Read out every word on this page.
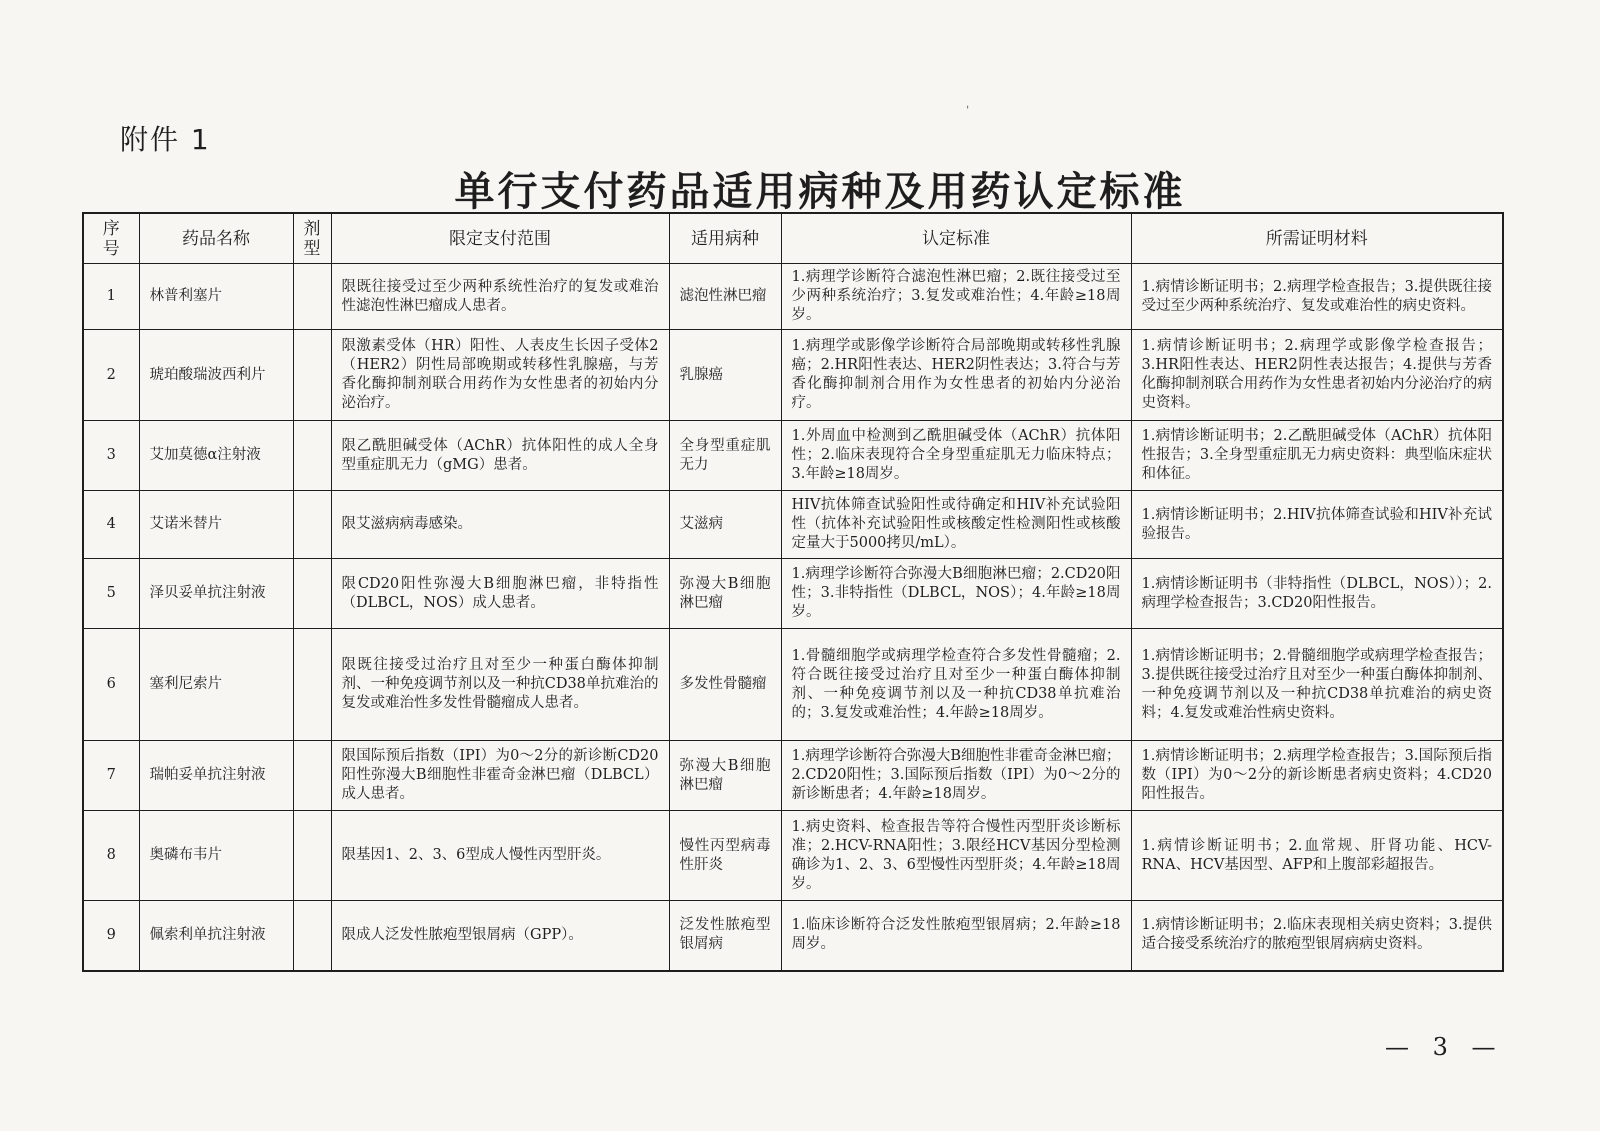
附件 1
单行支付药品适用病种及用药认定标准
ˌ
序号	药品名称	剂型	限定支付范围	适用病种	认定标准	所需证明材料
1	林普利塞片		限既往接受过至少两种系统性治疗的复发或难治性滤泡性淋巴瘤成人患者。	滤泡性淋巴瘤	1.病理学诊断符合滤泡性淋巴瘤；2.既往接受过至少两种系统治疗；3.复发或难治性；4.年龄≥18周岁。	1.病情诊断证明书；2.病理学检查报告；3.提供既往接受过至少两种系统治疗、复发或难治性的病史资料。
2	琥珀酸瑞波西利片		限激素受体（HR）阳性、人表皮生长因子受体2（HER2）阴性局部晚期或转移性乳腺癌，与芳香化酶抑制剂联合用药作为女性患者的初始内分泌治疗。	乳腺癌	1.病理学或影像学诊断符合局部晚期或转移性乳腺癌；2.HR阳性表达、HER2阴性表达；3.符合与芳香化酶抑制剂合用作为女性患者的初始内分泌治疗。	1.病情诊断证明书；2.病理学或影像学检查报告；3.HR阳性表达、HER2阴性表达报告；4.提供与芳香化酶抑制剂联合用药作为女性患者初始内分泌治疗的病史资料。
3	艾加莫德α注射液		限乙酰胆碱受体（AChR）抗体阳性的成人全身型重症肌无力（gMG）患者。	全身型重症肌无力	1.外周血中检测到乙酰胆碱受体（AChR）抗体阳性；2.临床表现符合全身型重症肌无力临床特点；3.年龄≥18周岁。	1.病情诊断证明书；2.乙酰胆碱受体（AChR）抗体阳性报告；3.全身型重症肌无力病史资料：典型临床症状和体征。
4	艾诺米替片		限艾滋病病毒感染。	艾滋病	HIV抗体筛查试验阳性或待确定和HIV补充试验阳性（抗体补充试验阳性或核酸定性检测阳性或核酸定量大于5000拷贝/mL）。	1.病情诊断证明书；2.HIV抗体筛查试验和HIV补充试验报告。
5	泽贝妥单抗注射液		限CD20阳性弥漫大B细胞淋巴瘤，非特指性（DLBCL，NOS）成人患者。	弥漫大B细胞淋巴瘤	1.病理学诊断符合弥漫大B细胞淋巴瘤；2.CD20阳性；3.非特指性（DLBCL，NOS）；4.年龄≥18周岁。	1.病情诊断证明书（非特指性（DLBCL，NOS））；2.病理学检查报告；3.CD20阳性报告。
6	塞利尼索片		限既往接受过治疗且对至少一种蛋白酶体抑制剂、一种免疫调节剂以及一种抗CD38单抗难治的复发或难治性多发性骨髓瘤成人患者。	多发性骨髓瘤	1.骨髓细胞学或病理学检查符合多发性骨髓瘤；2.符合既往接受过治疗且对至少一种蛋白酶体抑制剂、一种免疫调节剂以及一种抗CD38单抗难治的；3.复发或难治性；4.年龄≥18周岁。	1.病情诊断证明书；2.骨髓细胞学或病理学检查报告；3.提供既往接受过治疗且对至少一种蛋白酶体抑制剂、一种免疫调节剂以及一种抗CD38单抗难治的病史资料；4.复发或难治性病史资料。
7	瑞帕妥单抗注射液		限国际预后指数（IPI）为0～2分的新诊断CD20阳性弥漫大B细胞性非霍奇金淋巴瘤（DLBCL）成人患者。	弥漫大B细胞淋巴瘤	1.病理学诊断符合弥漫大B细胞性非霍奇金淋巴瘤；2.CD20阳性；3.国际预后指数（IPI）为0～2分的新诊断患者；4.年龄≥18周岁。	1.病情诊断证明书；2.病理学检查报告；3.国际预后指数（IPI）为0～2分的新诊断患者病史资料；4.CD20阳性报告。
8	奥磷布韦片		限基因1、2、3、6型成人慢性丙型肝炎。	慢性丙型病毒性肝炎	1.病史资料、检查报告等符合慢性丙型肝炎诊断标准；2.HCV-RNA阳性；3.限经HCV基因分型检测确诊为1、2、3、6型慢性丙型肝炎；4.年龄≥18周岁。	1.病情诊断证明书；2.血常规、肝肾功能、HCV-RNA、HCV基因型、AFP和上腹部彩超报告。
9	佩索利单抗注射液		限成人泛发性脓疱型银屑病（GPP）。	泛发性脓疱型银屑病	1.临床诊断符合泛发性脓疱型银屑病；2.年龄≥18周岁。	1.病情诊断证明书；2.临床表现相关病史资料；3.提供适合接受系统治疗的脓疱型银屑病病史资料。
— 3 —
